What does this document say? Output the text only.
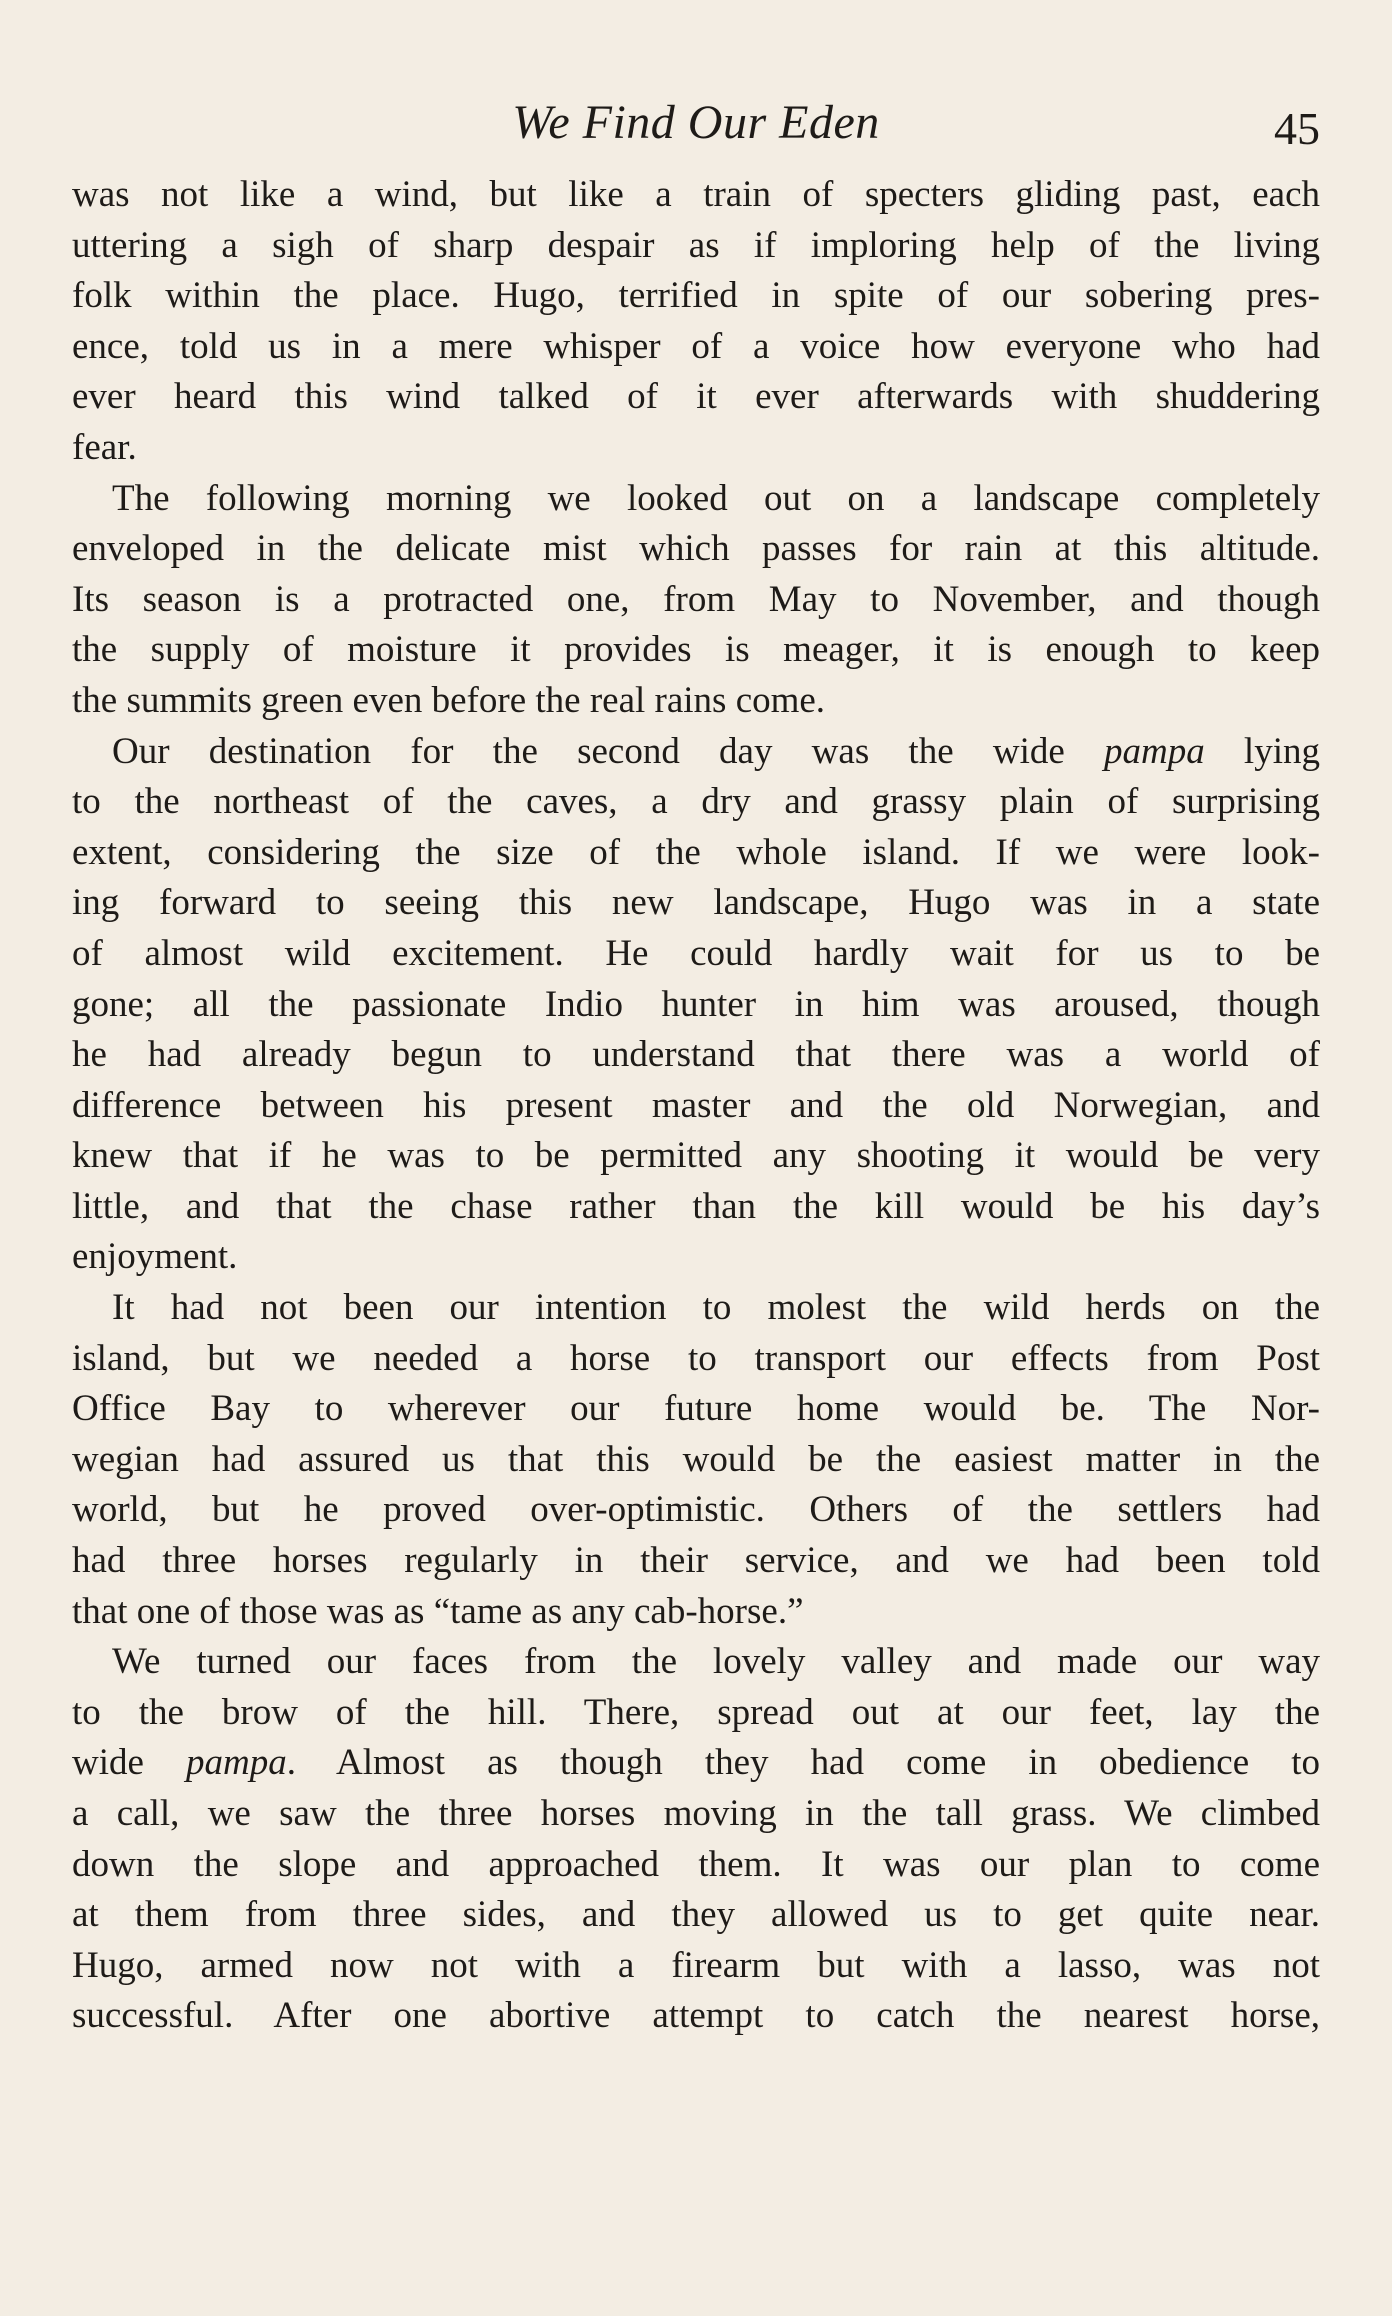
We Find Our Eden	45
was not like a wind, but like a train of specters gliding past, each
uttering a sigh of sharp despair as if imploring help of the living
folk within the place. Hugo, terrified in spite of our sobering pres-
ence, told us in a mere whisper of a voice how everyone who had
ever heard this wind talked of it ever afterwards with shuddering
fear.
The following morning we looked out on a landscape completely
enveloped in the delicate mist which passes for rain at this altitude.
Its season is a protracted one, from May to November, and though
the supply of moisture it provides is meager, it is enough to keep
the summits green even before the real rains come.
Our destination for the second day was the wide pampa lying
to the northeast of the caves, a dry and grassy plain of surprising
extent, considering the size of the whole island. If we were look-
ing forward to seeing this new landscape, Hugo was in a state
of almost wild excitement. He could hardly wait for us to be
gone; all the passionate Indio hunter in him was aroused, though
he had already begun to understand that there was a world of
difference between his present master and the old Norwegian, and
knew that if he was to be permitted any shooting it would be very
little, and that the chase rather than the kill would be his day’s
enjoyment.
It had not been our intention to molest the wild herds on the
island, but we needed a horse to transport our effects from Post
Office Bay to wherever our future home would be. The Nor-
wegian had assured us that this would be the easiest matter in the
world, but he proved over-optimistic. Others of the settlers had
had three horses regularly in their service, and we had been told
that one of those was as “tame as any cab-horse.”
We turned our faces from the lovely valley and made our way
to the brow of the hill. There, spread out at our feet, lay the
wide pampa. Almost as though they had come in obedience to
a call, we saw the three horses moving in the tall grass. We climbed
down the slope and approached them. It was our plan to come
at them from three sides, and they allowed us to get quite near.
Hugo, armed now not with a firearm but with a lasso, was not
successful. After one abortive attempt to catch the nearest horse,
